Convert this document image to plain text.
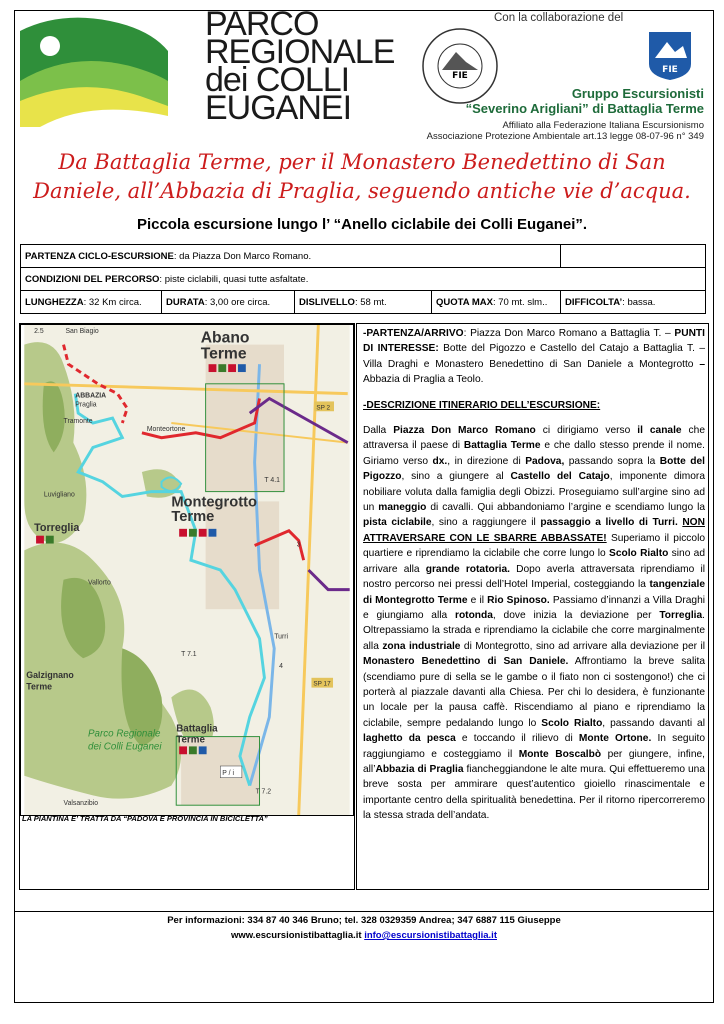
PARCO
REGIONALE
dei COLLI
EUGANEI
Con la collaborazione del
FIE
FIE
Gruppo Escursionisti
“Severino Arigliani” di Battaglia Terme
Affiliato alla Federazione Italiana Escursionismo
Associazione Protezione Ambientale art.13 legge 08-07-96 n° 349
Da Battaglia Terme, per il Monastero Benedettino di San
Daniele, all’Abbazia di Praglia, seguendo antiche vie d’acqua.
Piccola escursione lungo l’ “Anello ciclabile dei Colli Euganei”.
PARTENZA CICLO-ESCURSIONE: da Piazza Don Marco Romano.				
CONDIZIONI DEL PERCORSO: piste ciclabili, quasi tutte asfaltate.				
LUNGHEZZA: 32 Km circa.	DURATA: 3,00 ore circa.	DISLIVELLO: 58 mt.	QUOTA MAX: 70 mt. slm..	DIFFICOLTA’: bassa.
Abano
Terme
Montegrotto
Terme
Torreglia
Galzignano
Terme
Battaglia
Terme
Parco Regionale
dei Colli Euganei
ABBAZIA
Praglia
San Biagio
Monteortone
Valsanzibio
Vallorto
Tramonte
Luvigliano
SP 2
SP 17
T 4.1
T 7.1
T 7.2
2.5
Turri
3
4
P / i
LA PIANTINA E’ TRATTA DA “PADOVA E PROVINCIA IN BICICLETTA”

-PARTENZA/ARRIVO: Piazza Don Marco Romano a Battaglia T. – PUNTI DI INTERESSE: Botte del Pigozzo e Castello del Catajo a Battaglia T. – Villa Draghi e Monastero Benedettino di San Daniele a Montegrotto – Abbazia di Praglia a Teolo.

-DESCRIZIONE ITINERARIO DELL’ESCURSIONE:

Dalla Piazza Don Marco Romano ci dirigiamo verso il canale che attraversa il paese di Battaglia Terme e che dallo stesso prende il nome. Giriamo verso dx., in direzione di Padova, passando sopra la Botte del Pigozzo, sino a giungere al Castello del Catajo, imponente dimora nobiliare voluta dalla famiglia degli Obizzi. Proseguiamo sull’argine sino ad un maneggio di cavalli. Qui abbandoniamo l’argine e scendiamo lungo la pista ciclabile, sino a raggiungere il passaggio a livello di Turri. NON ATTRAVERSARE CON LE SBARRE ABBASSATE! Superiamo il piccolo quartiere e riprendiamo la ciclabile che corre lungo lo Scolo Rialto sino ad arrivare alla grande rotatoria. Dopo averla attraversata riprendiamo il nostro percorso nei pressi dell’Hotel Imperial, costeggiando la tangenziale di Montegrotto Terme e il Rio Spinoso. Passiamo d’innanzi a Villa Draghi e giungiamo alla rotonda, dove inizia la deviazione per Torreglia. Oltrepassiamo la strada e riprendiamo la ciclabile che corre marginalmente alla zona industriale di Montegrotto, sino ad arrivare alla deviazione per il Monastero Benedettino di San Daniele. Affrontiamo la breve salita (scendiamo pure di sella se le gambe o il fiato non ci sostengono!) che ci porterà al piazzale davanti alla Chiesa. Per chi lo desidera, è funzionante un locale per la pausa caffè. Riscendiamo al piano e riprendiamo la ciclabile, sempre pedalando lungo lo Scolo Rialto, passando davanti al laghetto da pesca e toccando il rilievo di Monte Ortone. In seguito raggiungiamo e costeggiamo il Monte Boscalbò per giungere, infine, all’Abbazia di Praglia fiancheggiandone le alte mura. Qui effettueremo una breve sosta per ammirare quest’autentico gioiello rinascimentale e importante centro della spiritualità benedettina. Per il ritorno ripercorreremo la stessa strada dell’andata.

Per informazioni: 334 87 40 346 Bruno; tel. 328 0329359 Andrea; 347 6887 115 Giuseppe
www.escursionistibattaglia.it info@escursionistibattaglia.it
